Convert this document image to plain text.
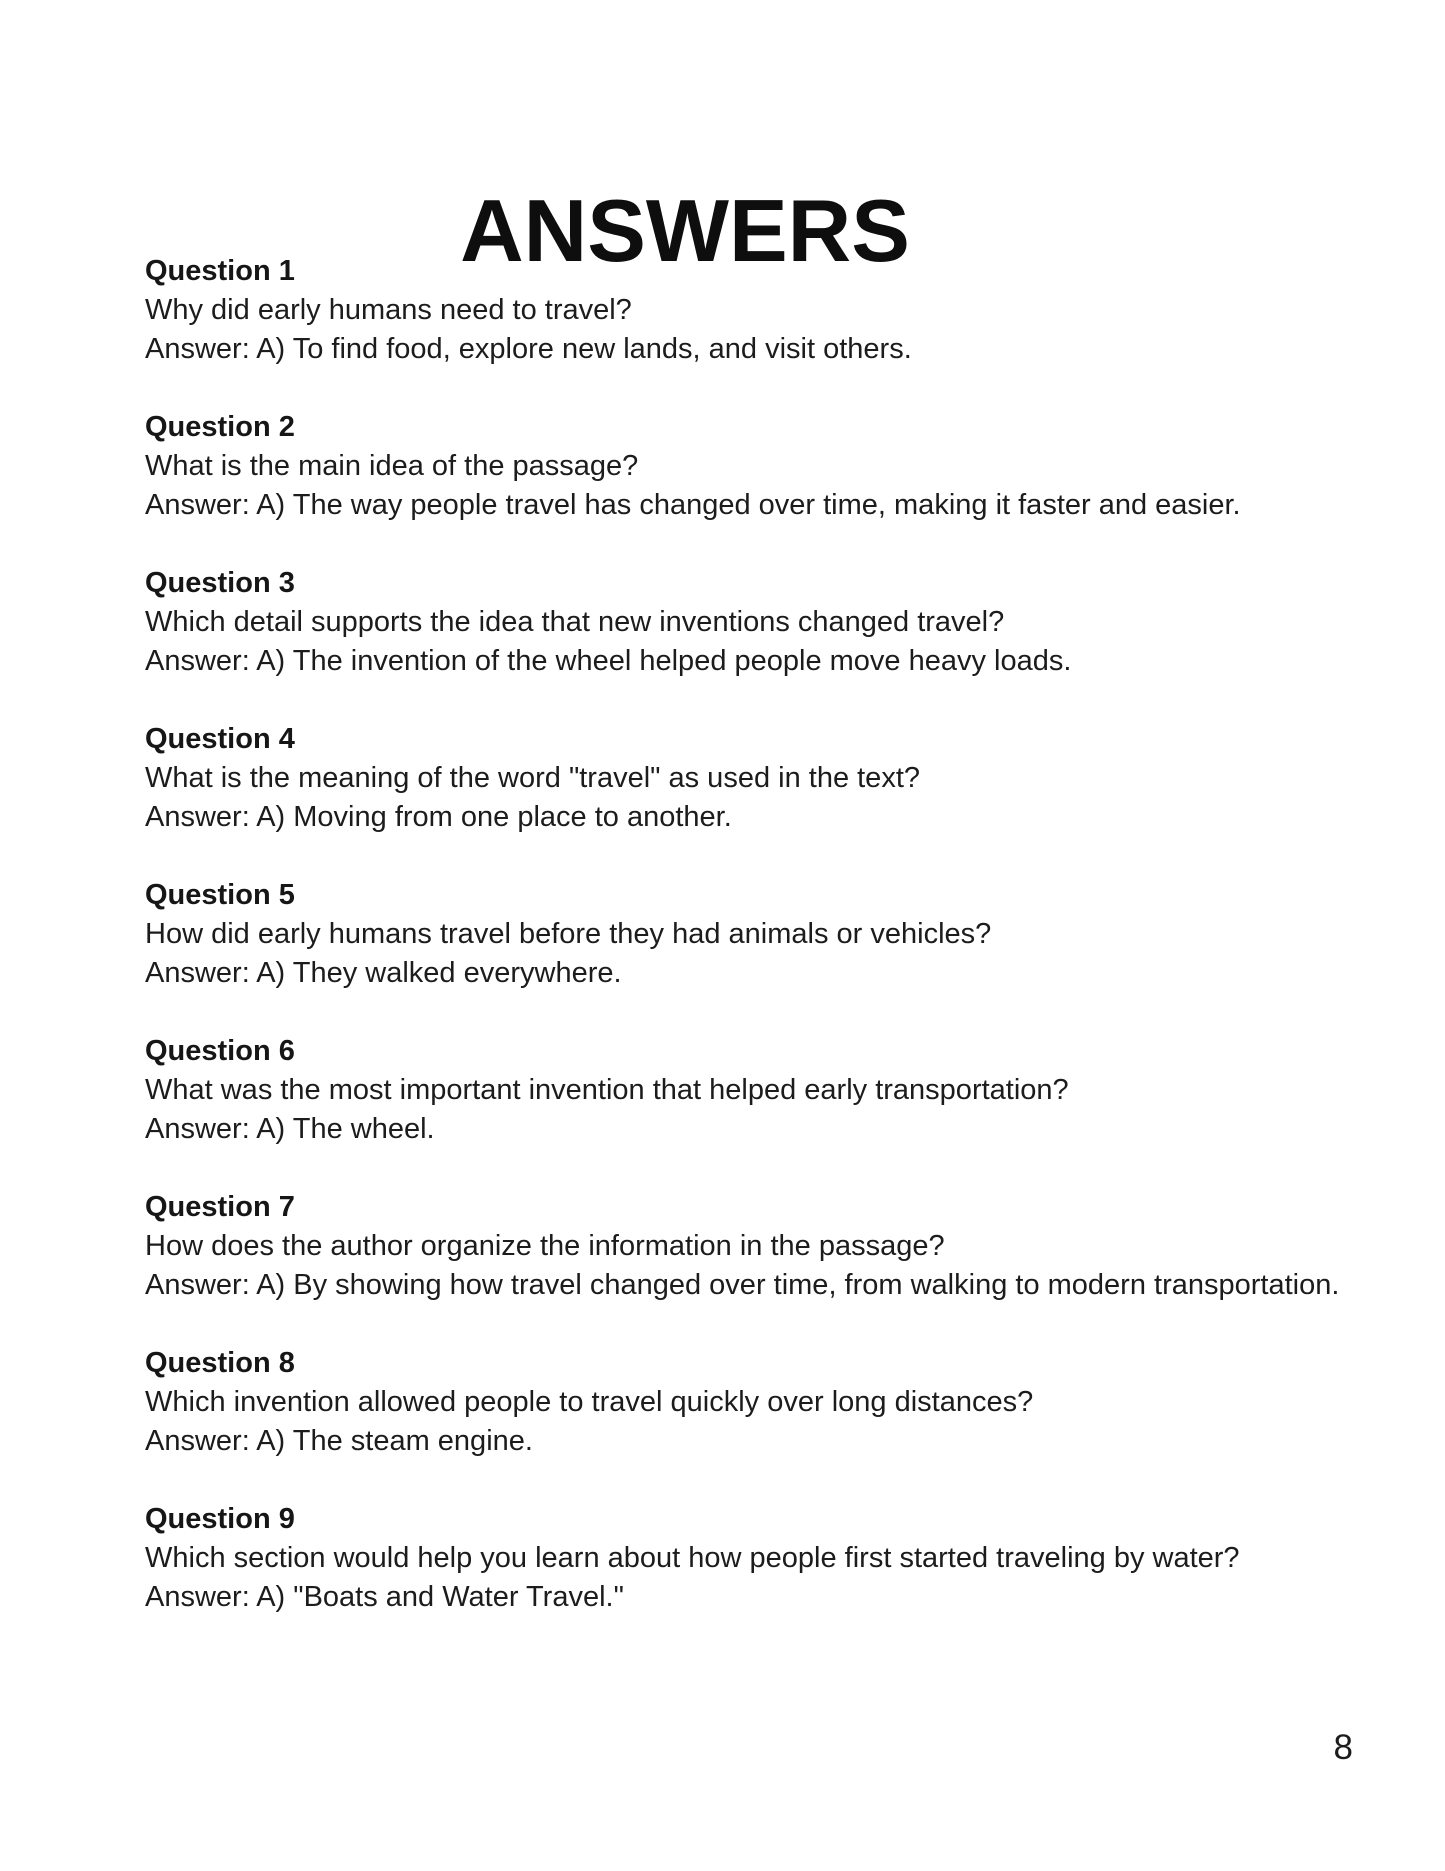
ANSWERS
Question 1

Why did early humans need to travel?

Answer: A) To find food, explore new lands, and visit others.

Question 2

What is the main idea of the passage?

Answer: A) The way people travel has changed over time, making it faster and easier.

Question 3

Which detail supports the idea that new inventions changed travel?

Answer: A) The invention of the wheel helped people move heavy loads.

Question 4

What is the meaning of the word "travel" as used in the text?

Answer: A) Moving from one place to another.

Question 5

How did early humans travel before they had animals or vehicles?

Answer: A) They walked everywhere.

Question 6

What was the most important invention that helped early transportation?

Answer: A) The wheel.

Question 7

How does the author organize the information in the passage?

Answer: A) By showing how travel changed over time, from walking to modern transportation.

Question 8

Which invention allowed people to travel quickly over long distances?

Answer: A) The steam engine.

Question 9

Which section would help you learn about how people first started traveling by water?

Answer: A) "Boats and Water Travel."

8
